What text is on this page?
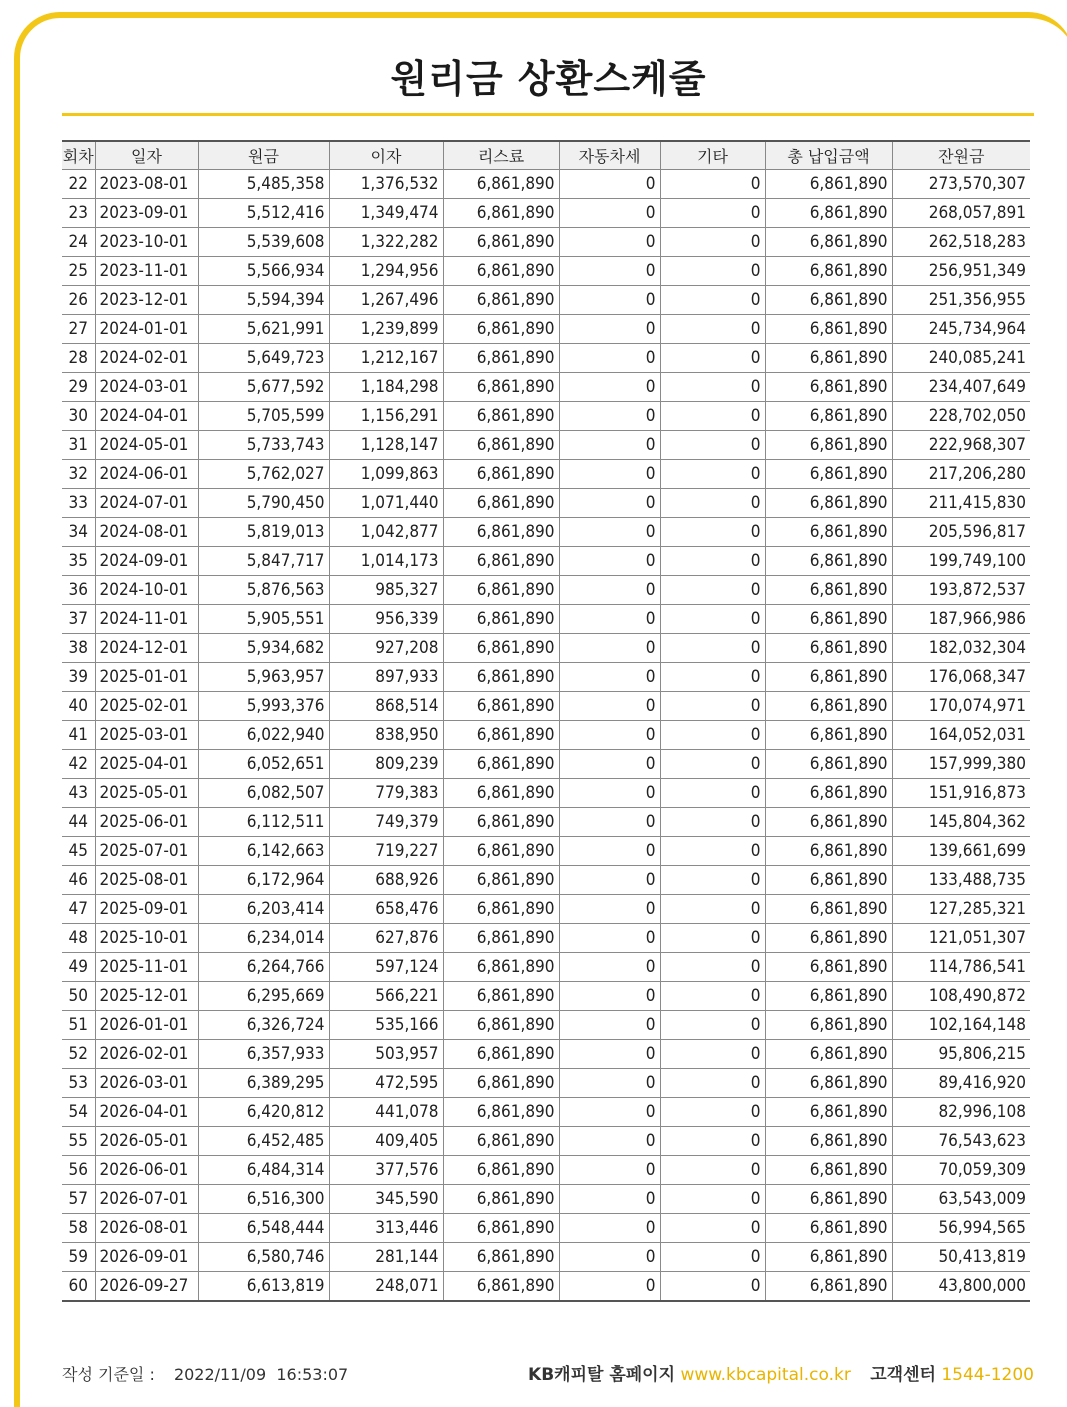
원리금 상환스케줄
회차	일자	원금	이자	리스료	자동차세	기타	총 납입금액	잔원금
22	2023-08-01	5,485,358	1,376,532	6,861,890	0	0	6,861,890	273,570,307
23	2023-09-01	5,512,416	1,349,474	6,861,890	0	0	6,861,890	268,057,891
24	2023-10-01	5,539,608	1,322,282	6,861,890	0	0	6,861,890	262,518,283
25	2023-11-01	5,566,934	1,294,956	6,861,890	0	0	6,861,890	256,951,349
26	2023-12-01	5,594,394	1,267,496	6,861,890	0	0	6,861,890	251,356,955
27	2024-01-01	5,621,991	1,239,899	6,861,890	0	0	6,861,890	245,734,964
28	2024-02-01	5,649,723	1,212,167	6,861,890	0	0	6,861,890	240,085,241
29	2024-03-01	5,677,592	1,184,298	6,861,890	0	0	6,861,890	234,407,649
30	2024-04-01	5,705,599	1,156,291	6,861,890	0	0	6,861,890	228,702,050
31	2024-05-01	5,733,743	1,128,147	6,861,890	0	0	6,861,890	222,968,307
32	2024-06-01	5,762,027	1,099,863	6,861,890	0	0	6,861,890	217,206,280
33	2024-07-01	5,790,450	1,071,440	6,861,890	0	0	6,861,890	211,415,830
34	2024-08-01	5,819,013	1,042,877	6,861,890	0	0	6,861,890	205,596,817
35	2024-09-01	5,847,717	1,014,173	6,861,890	0	0	6,861,890	199,749,100
36	2024-10-01	5,876,563	985,327	6,861,890	0	0	6,861,890	193,872,537
37	2024-11-01	5,905,551	956,339	6,861,890	0	0	6,861,890	187,966,986
38	2024-12-01	5,934,682	927,208	6,861,890	0	0	6,861,890	182,032,304
39	2025-01-01	5,963,957	897,933	6,861,890	0	0	6,861,890	176,068,347
40	2025-02-01	5,993,376	868,514	6,861,890	0	0	6,861,890	170,074,971
41	2025-03-01	6,022,940	838,950	6,861,890	0	0	6,861,890	164,052,031
42	2025-04-01	6,052,651	809,239	6,861,890	0	0	6,861,890	157,999,380
43	2025-05-01	6,082,507	779,383	6,861,890	0	0	6,861,890	151,916,873
44	2025-06-01	6,112,511	749,379	6,861,890	0	0	6,861,890	145,804,362
45	2025-07-01	6,142,663	719,227	6,861,890	0	0	6,861,890	139,661,699
46	2025-08-01	6,172,964	688,926	6,861,890	0	0	6,861,890	133,488,735
47	2025-09-01	6,203,414	658,476	6,861,890	0	0	6,861,890	127,285,321
48	2025-10-01	6,234,014	627,876	6,861,890	0	0	6,861,890	121,051,307
49	2025-11-01	6,264,766	597,124	6,861,890	0	0	6,861,890	114,786,541
50	2025-12-01	6,295,669	566,221	6,861,890	0	0	6,861,890	108,490,872
51	2026-01-01	6,326,724	535,166	6,861,890	0	0	6,861,890	102,164,148
52	2026-02-01	6,357,933	503,957	6,861,890	0	0	6,861,890	95,806,215
53	2026-03-01	6,389,295	472,595	6,861,890	0	0	6,861,890	89,416,920
54	2026-04-01	6,420,812	441,078	6,861,890	0	0	6,861,890	82,996,108
55	2026-05-01	6,452,485	409,405	6,861,890	0	0	6,861,890	76,543,623
56	2026-06-01	6,484,314	377,576	6,861,890	0	0	6,861,890	70,059,309
57	2026-07-01	6,516,300	345,590	6,861,890	0	0	6,861,890	63,543,009
58	2026-08-01	6,548,444	313,446	6,861,890	0	0	6,861,890	56,994,565
59	2026-09-01	6,580,746	281,144	6,861,890	0	0	6,861,890	50,413,819
60	2026-09-27	6,613,819	248,071	6,861,890	0	0	6,861,890	43,800,000
작성 기준일 : 2022/11/09  16:53:07	KB캐피탈 홈페이지 www.kbcapital.co.kr 고객센터 1544-1200
